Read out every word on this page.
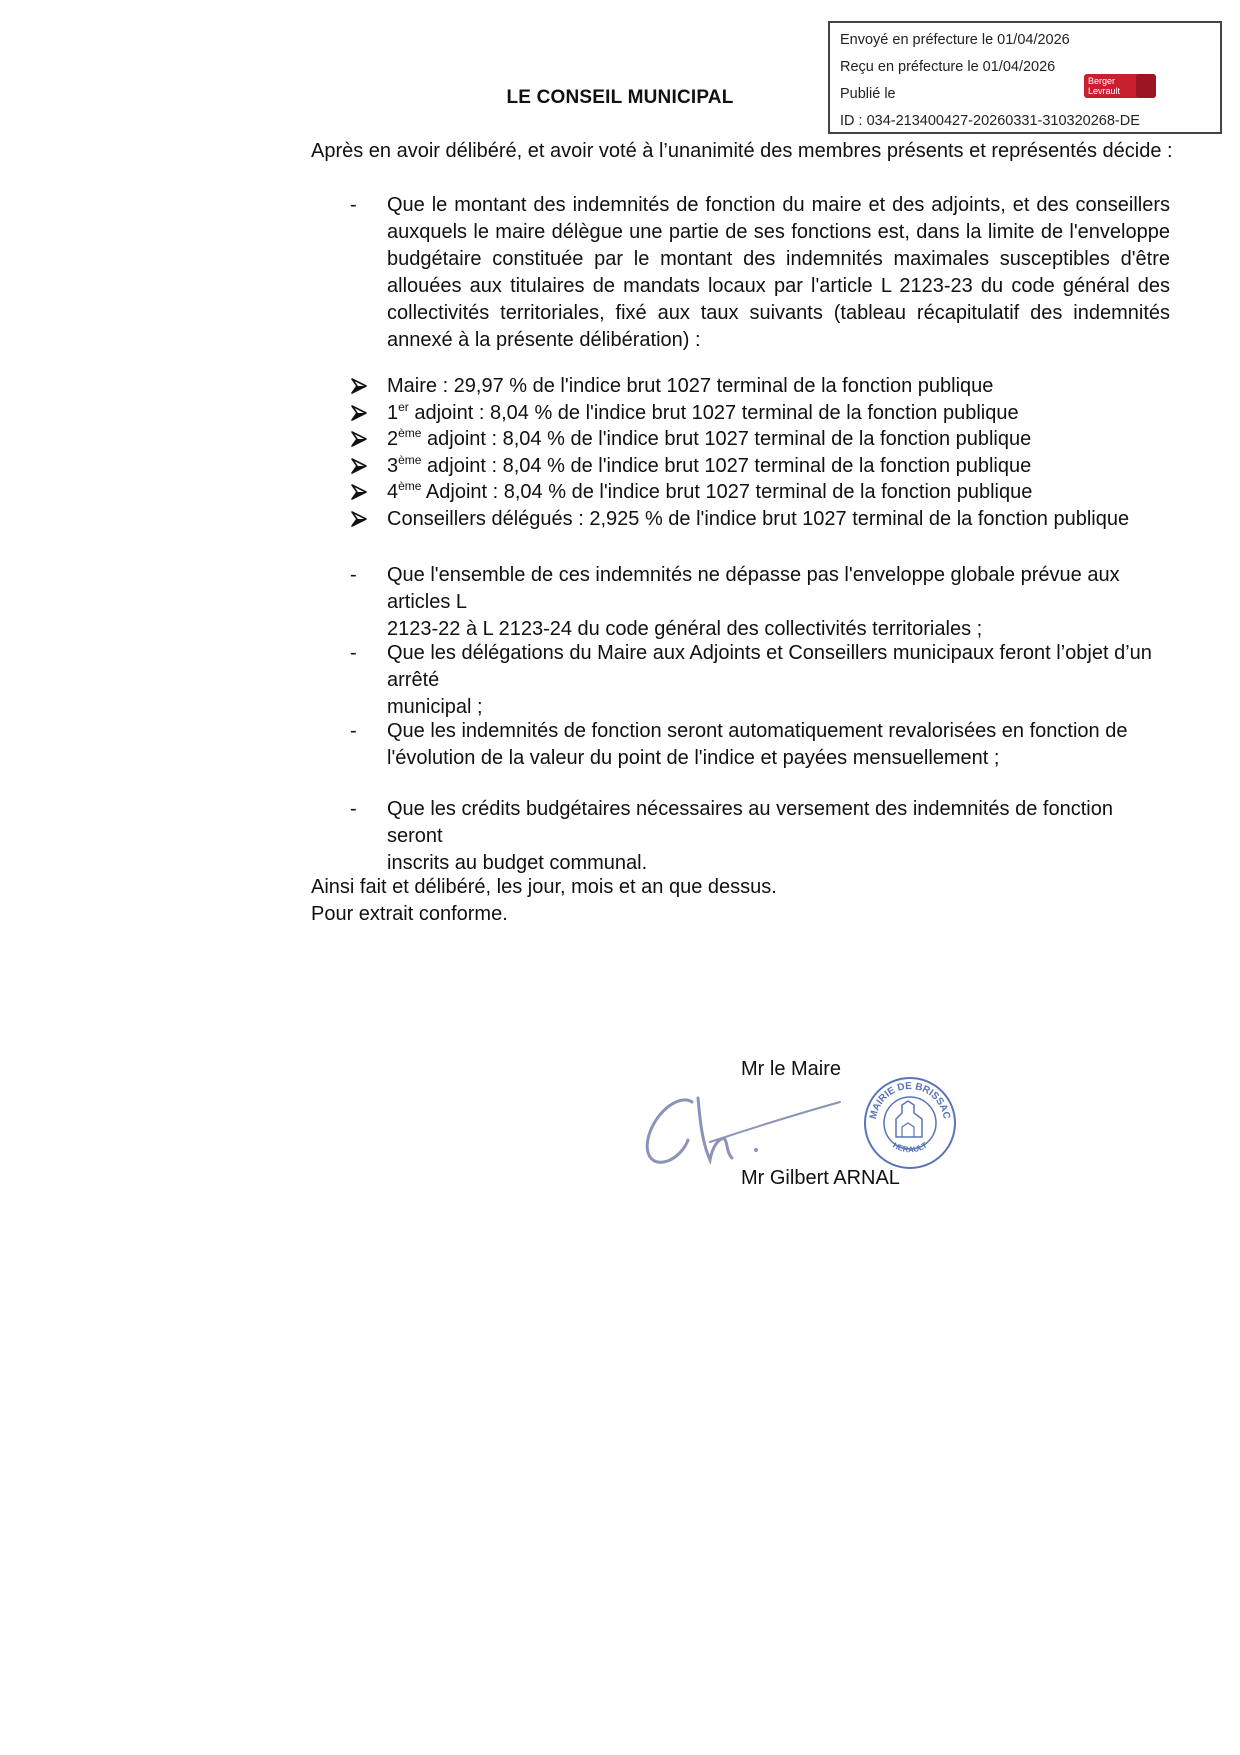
Envoyé en préfecture le 01/04/2026
Reçu en préfecture le 01/04/2026
Publié le
ID : 034-213400427-20260331-310320268-DE
Berger
Levrault
LE CONSEIL MUNICIPAL
Après en avoir délibéré, et avoir voté à l’unanimité des membres présents et représentés décide :
- Que le montant des indemnités de fonction du maire et des adjoints, et des conseillers auxquels le maire délègue une partie de ses fonctions est, dans la limite de l'enveloppe budgétaire constituée par le montant des indemnités maximales susceptibles d'être allouées aux titulaires de mandats locaux par l'article L 2123-23 du code général des collectivités territoriales, fixé aux taux suivants (tableau récapitulatif des indemnités annexé à la présente délibération) :
Maire : 29,97 % de l'indice brut 1027 terminal de la fonction publique
1er adjoint : 8,04 % de l'indice brut 1027 terminal de la fonction publique
2ème adjoint : 8,04 % de l'indice brut 1027 terminal de la fonction publique
3ème adjoint : 8,04 % de l'indice brut 1027 terminal de la fonction publique
4ème Adjoint : 8,04 % de l'indice brut 1027 terminal de la fonction publique
Conseillers délégués : 2,925 % de l'indice brut 1027 terminal de la fonction publique
- Que l'ensemble de ces indemnités ne dépasse pas l'enveloppe globale prévue aux articles L
2123-22 à L 2123-24 du code général des collectivités territoriales ;
- Que les délégations du Maire aux Adjoints et Conseillers municipaux feront l’objet d’un arrêté
municipal ;
- Que les indemnités de fonction seront automatiquement revalorisées en fonction de
l'évolution de la valeur du point de l'indice et payées mensuellement ;
- Que les crédits budgétaires nécessaires au versement des indemnités de fonction seront
inscrits au budget communal.
Ainsi fait et délibéré, les jour, mois et an que dessus.
Pour extrait conforme.
Mr le Maire
MAIRIE DE BRISSAC
HERAULT
Mr Gilbert ARNAL
